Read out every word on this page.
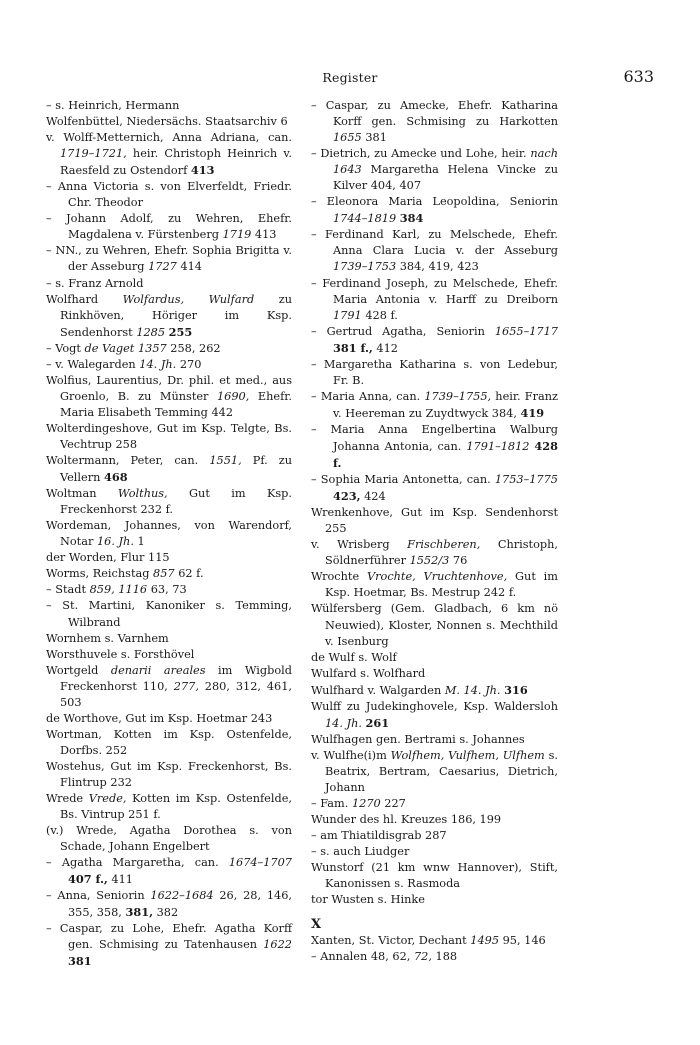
Register	633

– s. Heinrich, Hermann

Wolfenbüttel, Niedersächs. Staatsarchiv 6

v. Wolff-Metternich, Anna Adriana, can. 1719–1721, heir. Christoph Heinrich v. Raesfeld zu Ostendorf 413

– Anna Victoria s. von Elverfeldt, Friedr. Chr. Theodor

– Johann Adolf, zu Wehren, Ehefr. Magdalena v. Fürstenberg 1719 413

– NN., zu Wehren, Ehefr. Sophia Brigitta v. der Asseburg 1727 414

– s. Franz Arnold

Wolfhard Wolfardus, Wulfard zu Rinkhöven, Höriger im Ksp. Sendenhorst 1285 255

– Vogt de Vaget 1357 258, 262

– v. Walegarden 14. Jh. 270

Wolfius, Laurentius, Dr. phil. et med., aus Groenlo, B. zu Münster 1690, Ehefr. Maria Elisabeth Temming 442

Wolterdingeshove, Gut im Ksp. Telgte, Bs. Vechtrup 258

Woltermann, Peter, can. 1551, Pf. zu Vellern 468

Woltman Wolthus, Gut im Ksp. Freckenhorst 232 f.

Wordeman, Johannes, von Warendorf, Notar 16. Jh. 1

der Worden, Flur 115

Worms, Reichstag 857 62 f.

– Stadt 859, 1116 63, 73

– St. Martini, Kanoniker s. Temming, Wilbrand

Wornhem s. Varnhem

Worsthuvele s. Forsthövel

Wortgeld denarii areales im Wigbold Freckenhorst 110, 277, 280, 312, 461, 503

de Worthove, Gut im Ksp. Hoetmar 243

Wortman, Kotten im Ksp. Ostenfelde, Dorfbs. 252

Wostehus, Gut im Ksp. Freckenhorst, Bs. Flintrup 232

Wrede Vrede, Kotten im Ksp. Ostenfelde, Bs. Vintrup 251 f.

(v.) Wrede, Agatha Dorothea s. von Schade, Johann Engelbert

– Agatha Margaretha, can. 1674–1707 407 f., 411

– Anna, Seniorin 1622–1684 26, 28, 146, 355, 358, 381, 382

– Caspar, zu Lohe, Ehefr. Agatha Korff gen. Schmising zu Tatenhausen 1622 381

– Caspar, zu Amecke, Ehefr. Katharina Korff gen. Schmising zu Harkotten 1655 381

– Dietrich, zu Amecke und Lohe, heir. nach 1643 Margaretha Helena Vincke zu Kilver 404, 407

– Eleonora Maria Leopoldina, Seniorin 1744–1819 384

– Ferdinand Karl, zu Melschede, Ehefr. Anna Clara Lucia v. der Asseburg 1739–1753 384, 419, 423

– Ferdinand Joseph, zu Melschede, Ehefr. Maria Antonia v. Harff zu Dreiborn 1791 428 f.

– Gertrud Agatha, Seniorin 1655–1717 381 f., 412

– Margaretha Katharina s. von Ledebur, Fr. B.

– Maria Anna, can. 1739–1755, heir. Franz v. Heereman zu Zuydtwyck 384, 419

– Maria Anna Engelbertina Walburg Johanna Antonia, can. 1791–1812 428 f.

– Sophia Maria Antonetta, can. 1753–1775 423, 424

Wrenkenhove, Gut im Ksp. Sendenhorst 255

v. Wrisberg Frischberen, Christoph, Söldnerführer 1552/3 76

Wrochte Vrochte, Vruchtenhove, Gut im Ksp. Hoetmar, Bs. Mestrup 242 f.

Wülfersberg (Gem. Gladbach, 6 km nö Neuwied), Kloster, Nonnen s. Mechthild v. Isenburg

de Wulf s. Wolf

Wulfard s. Wolfhard

Wulfhard v. Walgarden M. 14. Jh. 316

Wulff zu Judekinghovele, Ksp. Waldersloh 14. Jh. 261

Wulfhagen gen. Bertrami s. Johannes

v. Wulfhe(i)m Wolfhem, Vulfhem, Ulfhem s. Beatrix, Bertram, Caesarius, Dietrich, Johann

– Fam. 1270 227

Wunder des hl. Kreuzes 186, 199

– am Thiatildisgrab 287

– s. auch Liudger

Wunstorf (21 km wnw Hannover), Stift, Kanonissen s. Rasmoda

tor Wusten s. Hinke

X

Xanten, St. Victor, Dechant 1495 95, 146

– Annalen 48, 62, 72, 188
